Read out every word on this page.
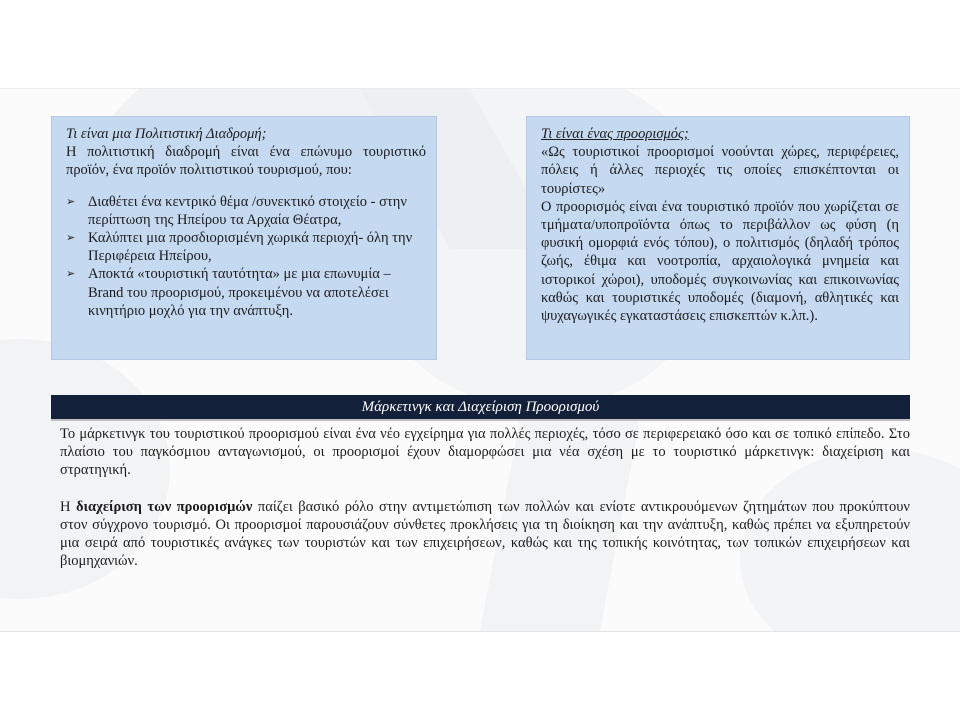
Τι είναι μια Πολιτιστική Διαδρομή;

Η πολιτιστική διαδρομή είναι ένα επώνυμο τουριστικό προϊόν, ένα προϊόν πολιτιστικού τουρισμού, που:

➢ Διαθέτει ένα κεντρικό θέμα /συνεκτικό στοιχείο - στην περίπτωση της Ηπείρου τα Αρχαία Θέατρα,
➢ Καλύπτει μια προσδιορισμένη χωρικά περιοχή- όλη την Περιφέρεια Ηπείρου,
➢ Αποκτά «τουριστική ταυτότητα» με μια επωνυμία – Brand του προορισμού, προκειμένου να αποτελέσει κινητήριο μοχλό για την ανάπτυξη.

Τι είναι ένας προορισμός;

«Ως τουριστικοί προορισμοί νοούνται χώρες, περιφέρειες, πόλεις ή άλλες περιοχές τις οποίες επισκέπτονται οι τουρίστες»

Ο προορισμός είναι ένα τουριστικό προϊόν που χωρίζεται σε τμήματα/υποπροϊόντα όπως το περιβάλλον ως φύση (η φυσική ομορφιά ενός τόπου), ο πολιτισμός (δηλαδή τρόπος ζωής, έθιμα και νοοτροπία, αρχαιολογικά μνημεία και ιστορικοί χώροι), υποδομές συγκοινωνίας και επικοινωνίας καθώς και τουριστικές υποδομές (διαμονή, αθλητικές και ψυχαγωγικές εγκαταστάσεις επισκεπτών κ.λπ.).

Μάρκετινγκ και Διαχείριση Προορισμού

Το μάρκετινγκ του τουριστικού προορισμού είναι ένα νέο εγχείρημα για πολλές περιοχές, τόσο σε περιφερειακό όσο και σε τοπικό επίπεδο. Στο πλαίσιο του παγκόσμιου ανταγωνισμού, οι προορισμοί έχουν διαμορφώσει μια νέα σχέση με το τουριστικό μάρκετινγκ: διαχείριση και στρατηγική.

Η διαχείριση των προορισμών παίζει βασικό ρόλο στην αντιμετώπιση των πολλών και ενίοτε αντικρουόμενων ζητημάτων που προκύπτουν στον σύγχρονο τουρισμό. Οι προορισμοί παρουσιάζουν σύνθετες προκλήσεις για τη διοίκηση και την ανάπτυξη, καθώς πρέπει να εξυπηρετούν μια σειρά από τουριστικές ανάγκες των τουριστών και των επιχειρήσεων, καθώς και της τοπικής κοινότητας, των τοπικών επιχειρήσεων και βιομηχανιών.
